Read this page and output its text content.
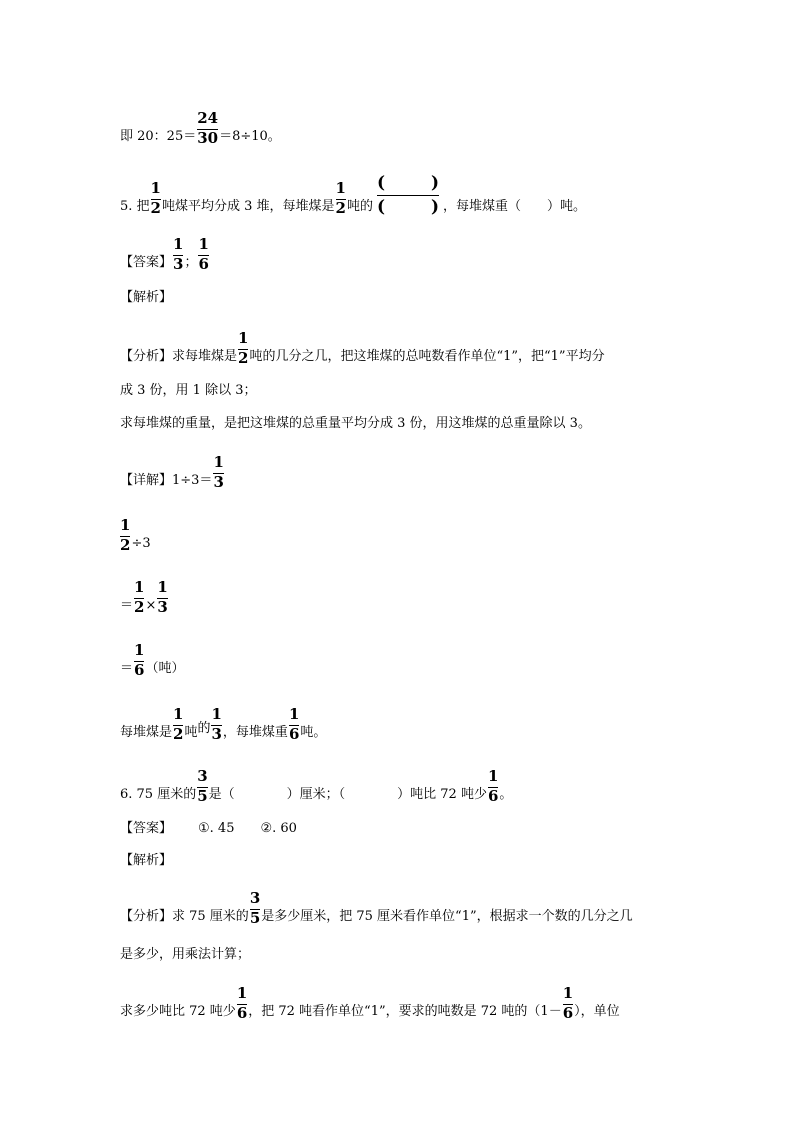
即 20：$25= \frac{24}{30} =8\div 10$。
5. 把 $\frac{1}{2}$ 吨煤平均分成 3 堆，每堆煤是 $\frac{1}{2}$ 吨的 (	)
(	) ，每堆煤重（　　）吨。
【答案】 $\frac{1}{3}$ ； $\frac{1}{6}$
【解析】
【分析】求每堆煤是 $\frac{1}{2}$ 吨的几分之几，把这堆煤的总吨数看作单位“1”，把“1”平均分
成 3 份，用 1 除以 3；
求每堆煤的重量，是把这堆煤的总重量平均分成 3 份，用这堆煤的总重量除以 3。
【详解】$1\div 3= \frac{1}{3}$
$\frac{1}{2} \div 3$
＝ $\frac{1}{2} \times \frac{1}{3}$
＝ $\frac{1}{6}$ （吨）
每堆煤是 $\frac{1}{2}$ 吨 的 $\frac{1}{3}$ ，每堆煤重 $\frac{1}{6}$ 吨。
6. 75 厘米的 $\frac{3}{5}$ 是（　　　　）厘米；（　　　　）吨比 72 吨少 $\frac{1}{6}$ 。
【答案】 ①. 45 ②. 60
【解析】
【分析】求 75 厘米的 $\frac{3}{5}$ 是多少厘米，把 75 厘米看作单位“1”，根据求一个数的几分之几
是多少，用乘法计算；
求多少吨比 72 吨少 $\frac{1}{6}$ ，把 72 吨看作单位“1”，要求的吨数是 72 吨的（$1- \frac{1}{6}$ ），单位
